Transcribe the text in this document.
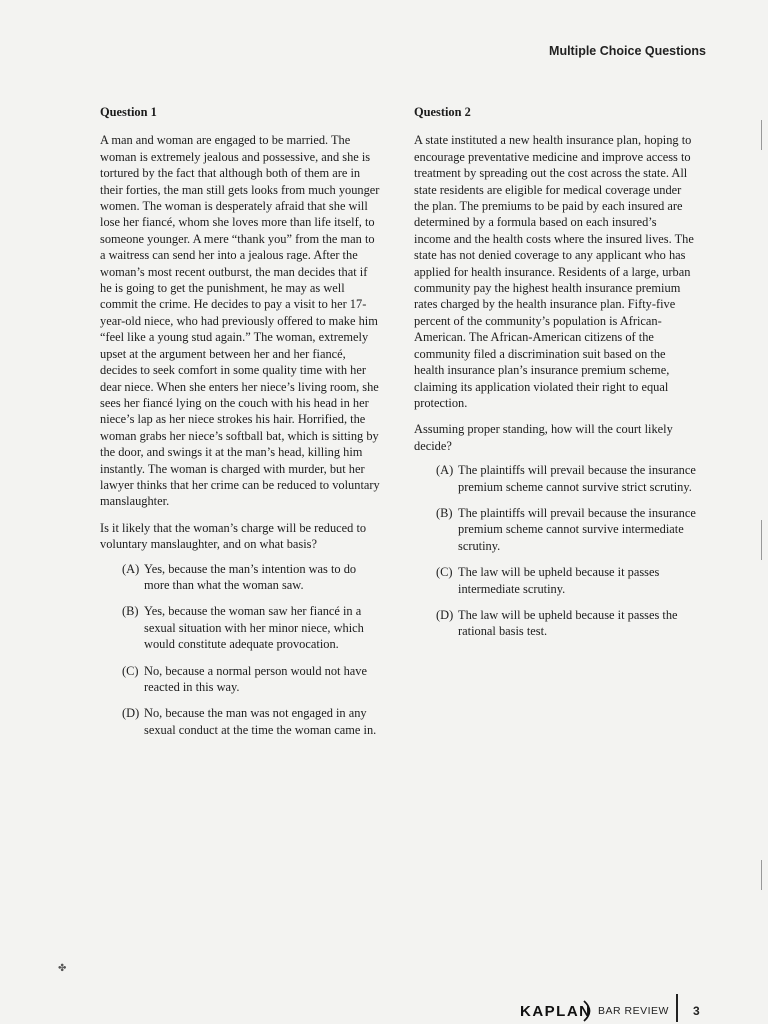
Multiple Choice Questions
Question 1

A man and woman are engaged to be married. The woman is extremely jealous and possessive, and she is tortured by the fact that although both of them are in their forties, the man still gets looks from much younger women. The woman is desperately afraid that she will lose her fiancé, whom she loves more than life itself, to someone younger. A mere “thank you” from the man to a waitress can send her into a jealous rage. After the woman’s most recent outburst, the man decides that if he is going to get the punishment, he may as well commit the crime. He decides to pay a visit to her 17-year-old niece, who had previously offered to make him “feel like a young stud again.” The woman, extremely upset at the argument between her and her fiancé, decides to seek comfort in some quality time with her dear niece. When she enters her niece’s living room, she sees her fiancé lying on the couch with his head in her niece’s lap as her niece strokes his hair. Horrified, the woman grabs her niece’s softball bat, which is sitting by the door, and swings it at the man’s head, killing him instantly. The woman is charged with murder, but her lawyer thinks that her crime can be reduced to voluntary manslaughter.

Is it likely that the woman’s charge will be reduced to voluntary manslaughter, and on what basis?

(A) Yes, because the man’s intention was to do more than what the woman saw.
(B) Yes, because the woman saw her fiancé in a sexual situation with her minor niece, which would constitute adequate provocation.
(C) No, because a normal person would not have reacted in this way.
(D) No, because the man was not engaged in any sexual conduct at the time the woman came in.
Question 2

A state instituted a new health insurance plan, hoping to encourage preventative medicine and improve access to treatment by spreading out the cost across the state. All state residents are eligible for medical coverage under the plan. The premiums to be paid by each insured are determined by a formula based on each insured’s income and the health costs where the insured lives. The state has not denied coverage to any applicant who has applied for health insurance. Residents of a large, urban community pay the highest health insurance premium rates charged by the health insurance plan. Fifty-five percent of the community’s population is African-American. The African-American citizens of the community filed a discrimination suit based on the health insurance plan’s insurance premium scheme, claiming its application violated their right to equal protection.

Assuming proper standing, how will the court likely decide?

(A) The plaintiffs will prevail because the insurance premium scheme cannot survive strict scrutiny.
(B) The plaintiffs will prevail because the insurance premium scheme cannot survive intermediate scrutiny.
(C) The law will be upheld because it passes intermediate scrutiny.
(D) The law will be upheld because it passes the rational basis test.
✤
KAPLAN BAR REVIEW 3
